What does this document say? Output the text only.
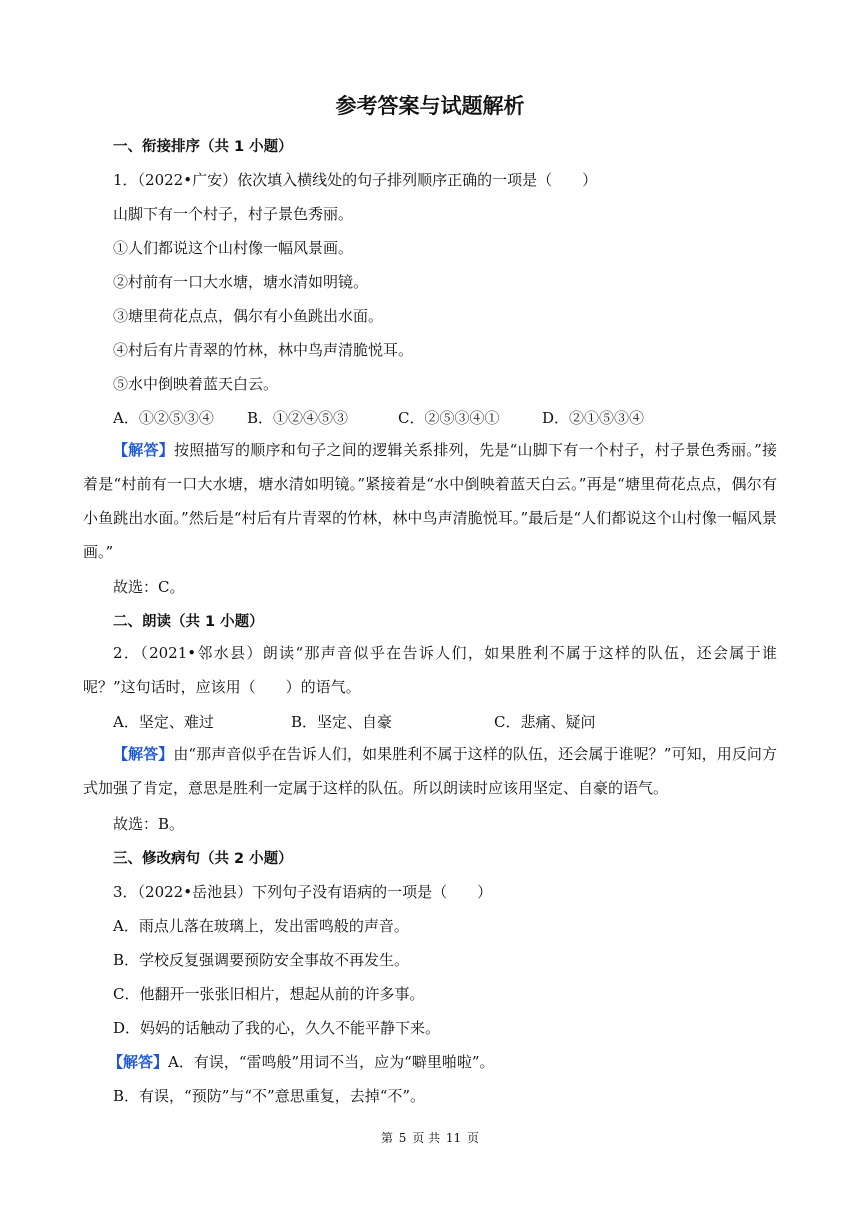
参考答案与试题解析
一、衔接排序（共 1 小题）
1．（2022•广安）依次填入横线处的句子排列顺序正确的一项是（　　）
山脚下有一个村子，村子景色秀丽。
①人们都说这个山村像一幅风景画。
②村前有一口大水塘，塘水清如明镜。
③塘里荷花点点，偶尔有小鱼跳出水面。
④村后有片青翠的竹林，林中鸟声清脆悦耳。
⑤水中倒映着蓝天白云。
A．①②⑤③④ B．①②④⑤③	C．②⑤③④①	D．②①⑤③④
【解答】按照描写的顺序和句子之间的逻辑关系排列，先是“山脚下有一个村子，村子景色秀丽。”接着是“村前有一口大水塘，塘水清如明镜。”紧接着是“水中倒映着蓝天白云。”再是“塘里荷花点点，偶尔有小鱼跳出水面。”然后是“村后有片青翠的竹林，林中鸟声清脆悦耳。”最后是“人们都说这个山村像一幅风景画。”
故选：C。
二、朗读（共 1 小题）
2．（2021•邻水县）朗读“那声音似乎在告诉人们，如果胜利不属于这样的队伍，还会属于谁呢？”这句话时，应该用（　　）的语气。
A．坚定、难过	B．坚定、自豪	C．悲痛、疑问
【解答】由“那声音似乎在告诉人们，如果胜利不属于这样的队伍，还会属于谁呢？”可知，用反问方式加强了肯定，意思是胜利一定属于这样的队伍。所以朗读时应该用坚定、自豪的语气。
故选：B。
三、修改病句（共 2 小题）
3．（2022•岳池县）下列句子没有语病的一项是（　　）
A．雨点儿落在玻璃上，发出雷鸣般的声音。
B．学校反复强调要预防安全事故不再发生。
C．他翻开一张张旧相片，想起从前的许多事。
D．妈妈的话触动了我的心，久久不能平静下来。
【解答】A．有误，“雷鸣般”用词不当，应为“噼里啪啦”。
B．有误，“预防”与“不”意思重复，去掉“不”。
第 5 页 共 11 页
